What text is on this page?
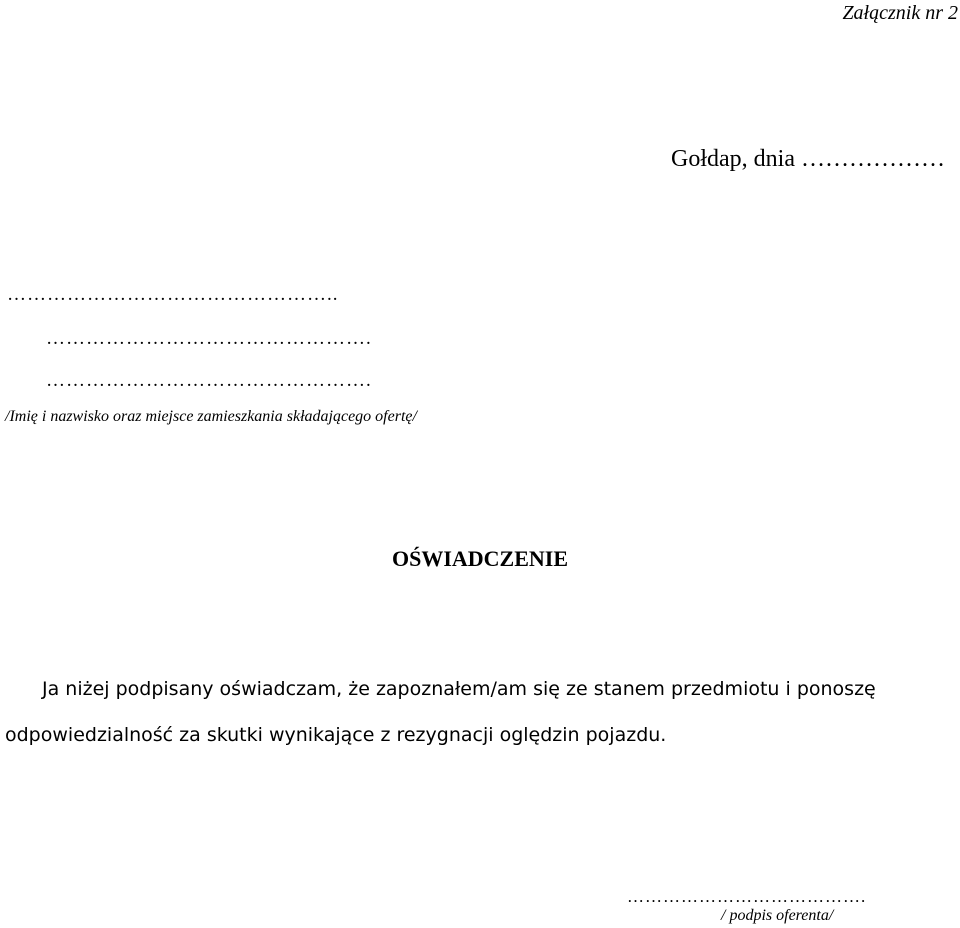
Załącznik nr 2
Gołdap, dnia ………………
…………………………………………..
………………………………………….
………………………………………….
/Imię i nazwisko oraz miejsce zamieszkania składającego ofertę/
OŚWIADCZENIE
Ja niżej podpisany oświadczam, że zapoznałem/am się ze stanem przedmiotu i ponoszę
odpowiedzialność za skutki wynikające z rezygnacji oględzin pojazdu.
………………………………….
/ podpis oferenta/
